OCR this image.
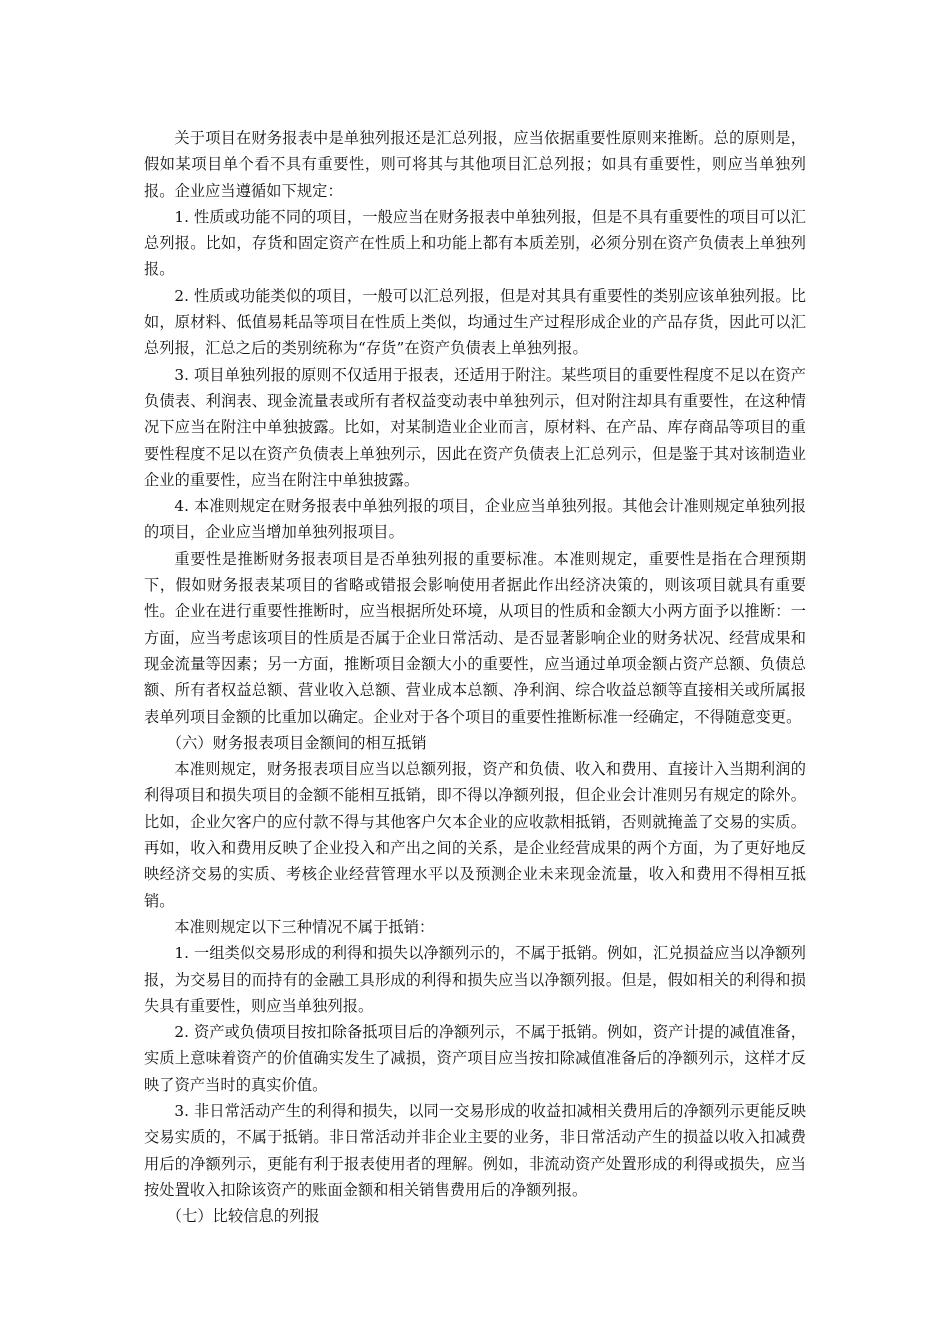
关于项目在财务报表中是单独列报还是汇总列报，应当依据重要性原则来推断。总的原则是，假如某项目单个看不具有重要性，则可将其与其他项目汇总列报；如具有重要性，则应当单独列报。企业应当遵循如下规定：

1. 性质或功能不同的项目，一般应当在财务报表中单独列报，但是不具有重要性的项目可以汇总列报。比如，存货和固定资产在性质上和功能上都有本质差别，必须分别在资产负债表上单独列报。

2. 性质或功能类似的项目，一般可以汇总列报，但是对其具有重要性的类别应该单独列报。比如，原材料、低值易耗品等项目在性质上类似，均通过生产过程形成企业的产品存货，因此可以汇总列报，汇总之后的类别统称为“存货”在资产负债表上单独列报。

3. 项目单独列报的原则不仅适用于报表，还适用于附注。某些项目的重要性程度不足以在资产负债表、利润表、现金流量表或所有者权益变动表中单独列示，但对附注却具有重要性，在这种情况下应当在附注中单独披露。比如，对某制造业企业而言，原材料、在产品、库存商品等项目的重要性程度不足以在资产负债表上单独列示，因此在资产负债表上汇总列示，但是鉴于其对该制造业企业的重要性，应当在附注中单独披露。

4. 本准则规定在财务报表中单独列报的项目，企业应当单独列报。其他会计准则规定单独列报的项目，企业应当增加单独列报项目。

重要性是推断财务报表项目是否单独列报的重要标准。本准则规定，重要性是指在合理预期下，假如财务报表某项目的省略或错报会影响使用者据此作出经济决策的，则该项目就具有重要性。企业在进行重要性推断时，应当根据所处环境，从项目的性质和金额大小两方面予以推断：一方面，应当考虑该项目的性质是否属于企业日常活动、是否显著影响企业的财务状况、经营成果和现金流量等因素；另一方面，推断项目金额大小的重要性，应当通过单项金额占资产总额、负债总额、所有者权益总额、营业收入总额、营业成本总额、净利润、综合收益总额等直接相关或所属报表单列项目金额的比重加以确定。企业对于各个项目的重要性推断标准一经确定，不得随意变更。

（六）财务报表项目金额间的相互抵销

本准则规定，财务报表项目应当以总额列报，资产和负债、收入和费用、直接计入当期利润的利得项目和损失项目的金额不能相互抵销，即不得以净额列报，但企业会计准则另有规定的除外。比如，企业欠客户的应付款不得与其他客户欠本企业的应收款相抵销，否则就掩盖了交易的实质。再如，收入和费用反映了企业投入和产出之间的关系，是企业经营成果的两个方面，为了更好地反映经济交易的实质、考核企业经营管理水平以及预测企业未来现金流量，收入和费用不得相互抵销。

本准则规定以下三种情况不属于抵销：

1. 一组类似交易形成的利得和损失以净额列示的，不属于抵销。例如，汇兑损益应当以净额列报，为交易目的而持有的金融工具形成的利得和损失应当以净额列报。但是，假如相关的利得和损失具有重要性，则应当单独列报。

2. 资产或负债项目按扣除备抵项目后的净额列示，不属于抵销。例如，资产计提的减值准备，实质上意味着资产的价值确实发生了减损，资产项目应当按扣除减值准备后的净额列示，这样才反映了资产当时的真实价值。

3. 非日常活动产生的利得和损失，以同一交易形成的收益扣减相关费用后的净额列示更能反映交易实质的，不属于抵销。非日常活动并非企业主要的业务，非日常活动产生的损益以收入扣减费用后的净额列示，更能有利于报表使用者的理解。例如，非流动资产处置形成的利得或损失，应当按处置收入扣除该资产的账面金额和相关销售费用后的净额列报。

（七）比较信息的列报
